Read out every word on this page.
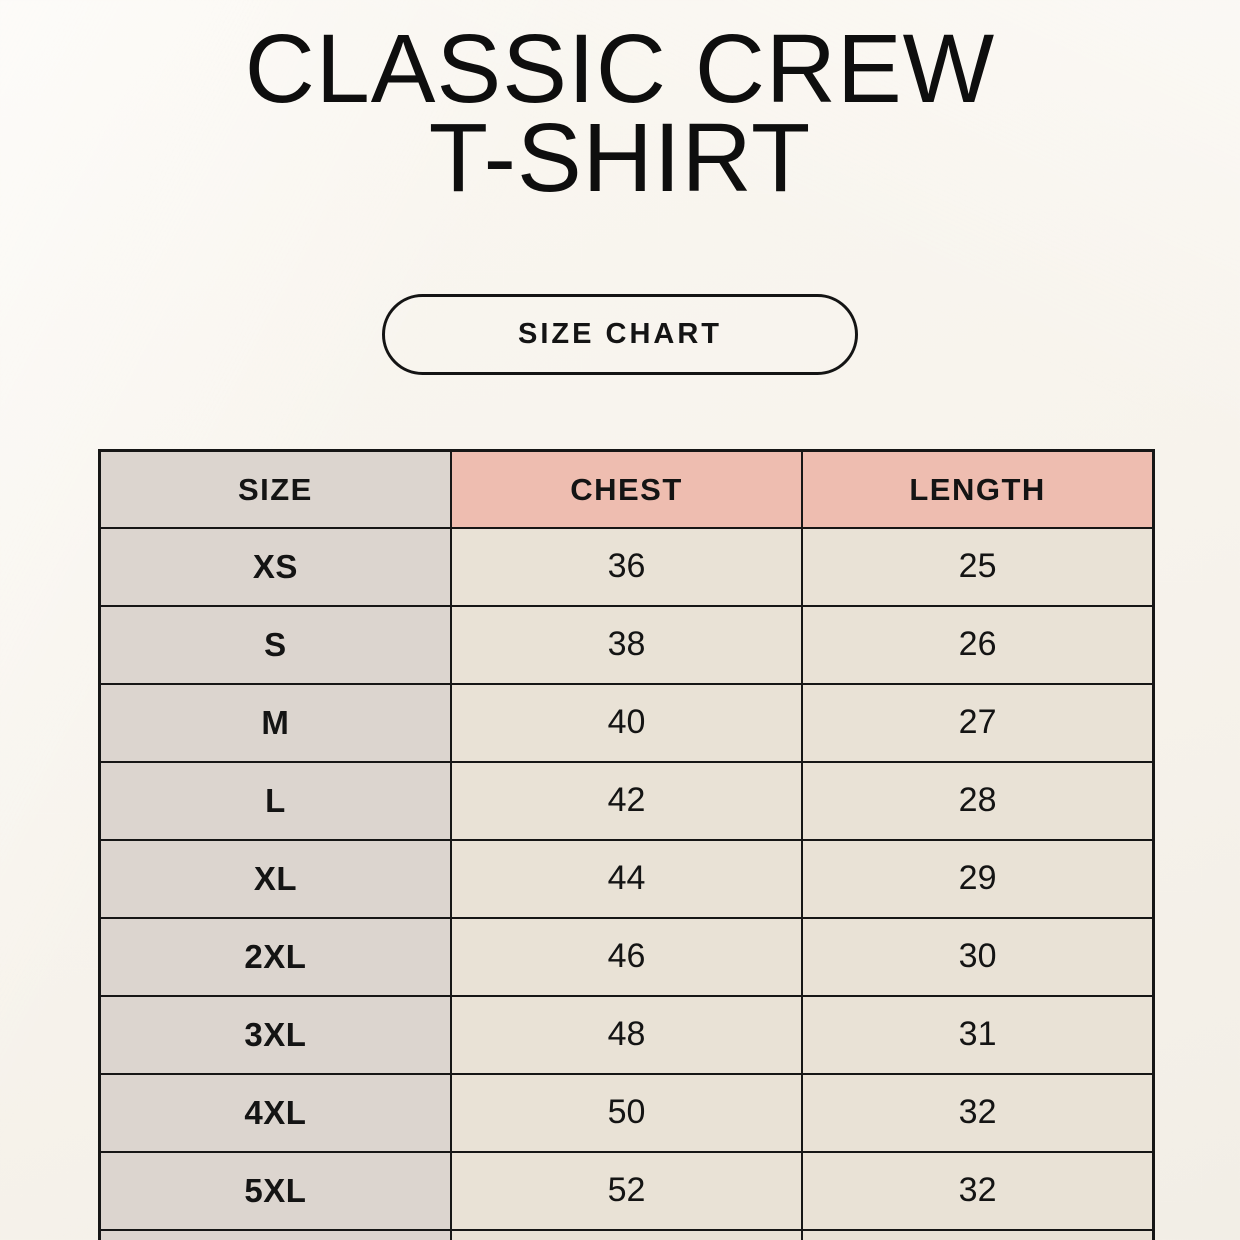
CLASSIC CREW
T-SHIRT
SIZE CHART
SIZE	CHEST	LENGTH
XS	36	25
S	38	26
M	40	27
L	42	28
XL	44	29
2XL	46	30
3XL	48	31
4XL	50	32
5XL	52	32
